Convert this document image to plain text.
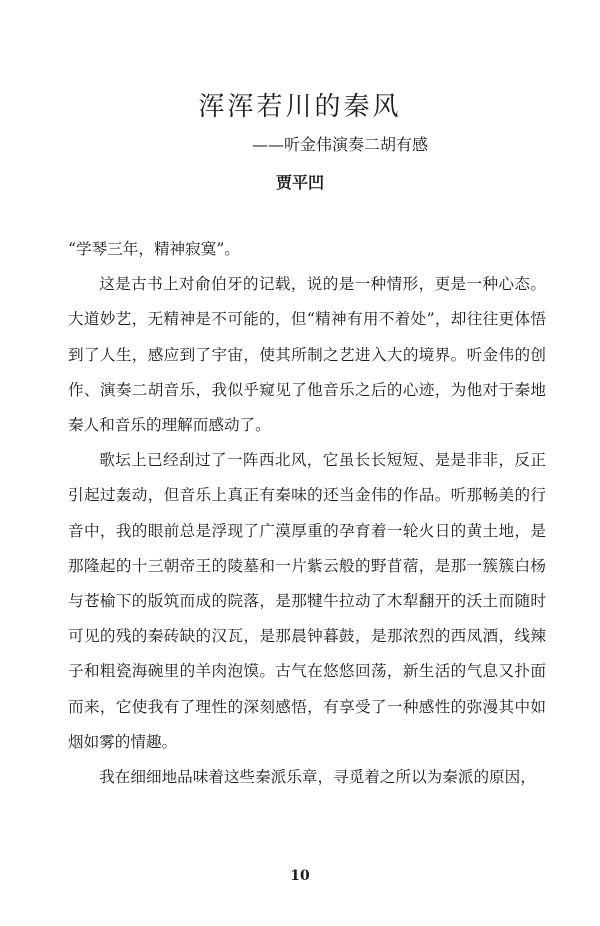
浑浑若川的秦风
——听金伟演奏二胡有感
贾平凹

“学琴三年，精神寂寞”。

这是古书上对俞伯牙的记载，说的是一种情形，更是一种心态。大道妙艺，无精神是不可能的，但“精神有用不着处”，却往往更体悟到了人生，感应到了宇宙，使其所制之艺进入大的境界。听金伟的创作、演奏二胡音乐，我似乎窥见了他音乐之后的心迹，为他对于秦地秦人和音乐的理解而感动了。

歌坛上已经刮过了一阵西北风，它虽长长短短、是是非非，反正引起过轰动，但音乐上真正有秦味的还当金伟的作品。听那畅美的行音中，我的眼前总是浮现了广漠厚重的孕育着一轮火日的黄土地，是那隆起的十三朝帝王的陵墓和一片紫云般的野苜蓿，是那一簇簇白杨与苍榆下的版筑而成的院落，是那犍牛拉动了木犁翻开的沃土而随时可见的残的秦砖缺的汉瓦，是那晨钟暮鼓，是那浓烈的西凤酒，线辣子和粗瓷海碗里的羊肉泡馍。古气在悠悠回荡，新生活的气息又扑面而来，它使我有了理性的深刻感悟，有享受了一种感性的弥漫其中如烟如雾的情趣。

我在细细地品味着这些秦派乐章，寻觅着之所以为秦派的原因，

10
